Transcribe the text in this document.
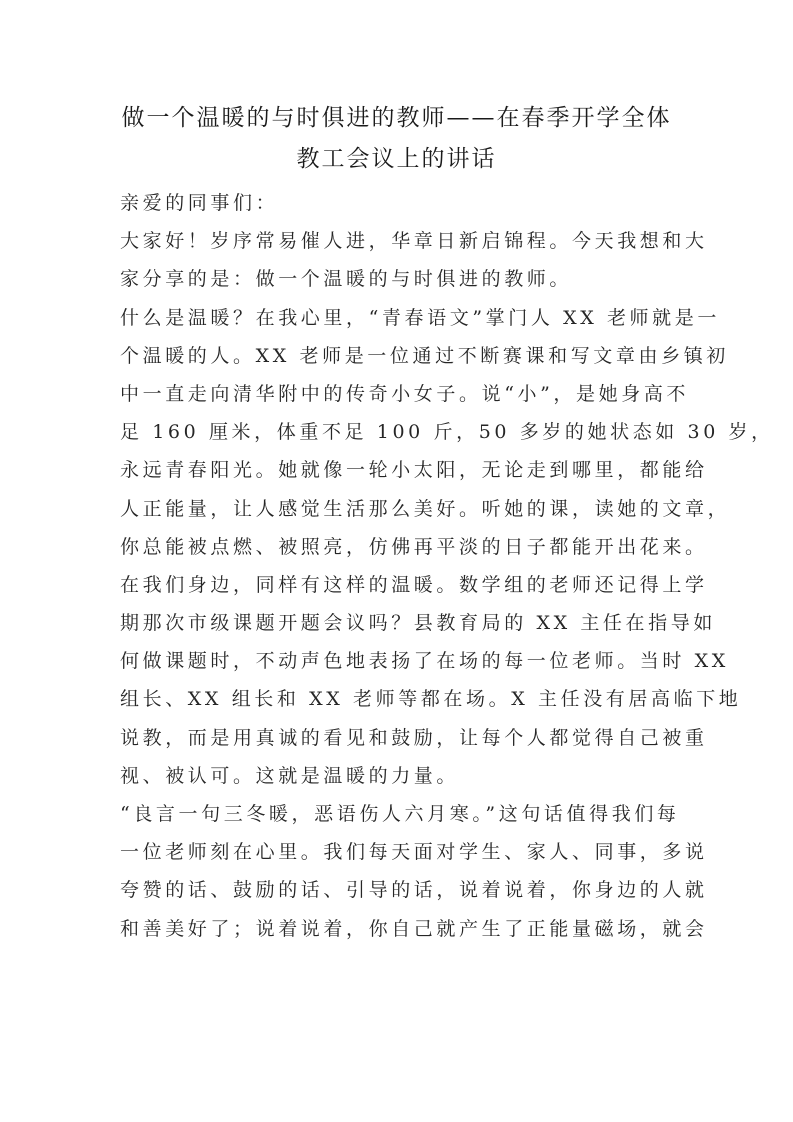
做一个温暖的与时俱进的教师——在春季开学全体
教工会议上的讲话
亲爱的同事们：
大家好！岁序常易催人进，华章日新启锦程。今天我想和大
家分享的是：做一个温暖的与时俱进的教师。
什么是温暖？在我心里，“青春语文”掌门人 XX 老师就是一
个温暖的人。XX 老师是一位通过不断赛课和写文章由乡镇初
中一直走向清华附中的传奇小女子。说“小”，是她身高不
足 160 厘米，体重不足 100 斤，50 多岁的她状态如 30 岁，
永远青春阳光。她就像一轮小太阳，无论走到哪里，都能给
人正能量，让人感觉生活那么美好。听她的课，读她的文章，
你总能被点燃、被照亮，仿佛再平淡的日子都能开出花来。
在我们身边，同样有这样的温暖。数学组的老师还记得上学
期那次市级课题开题会议吗？县教育局的 XX 主任在指导如
何做课题时，不动声色地表扬了在场的每一位老师。当时 XX
组长、XX 组长和 XX 老师等都在场。X 主任没有居高临下地
说教，而是用真诚的看见和鼓励，让每个人都觉得自己被重
视、被认可。这就是温暖的力量。
“良言一句三冬暖，恶语伤人六月寒。”这句话值得我们每
一位老师刻在心里。我们每天面对学生、家人、同事，多说
夸赞的话、鼓励的话、引导的话，说着说着，你身边的人就
和善美好了；说着说着，你自己就产生了正能量磁场，就会
